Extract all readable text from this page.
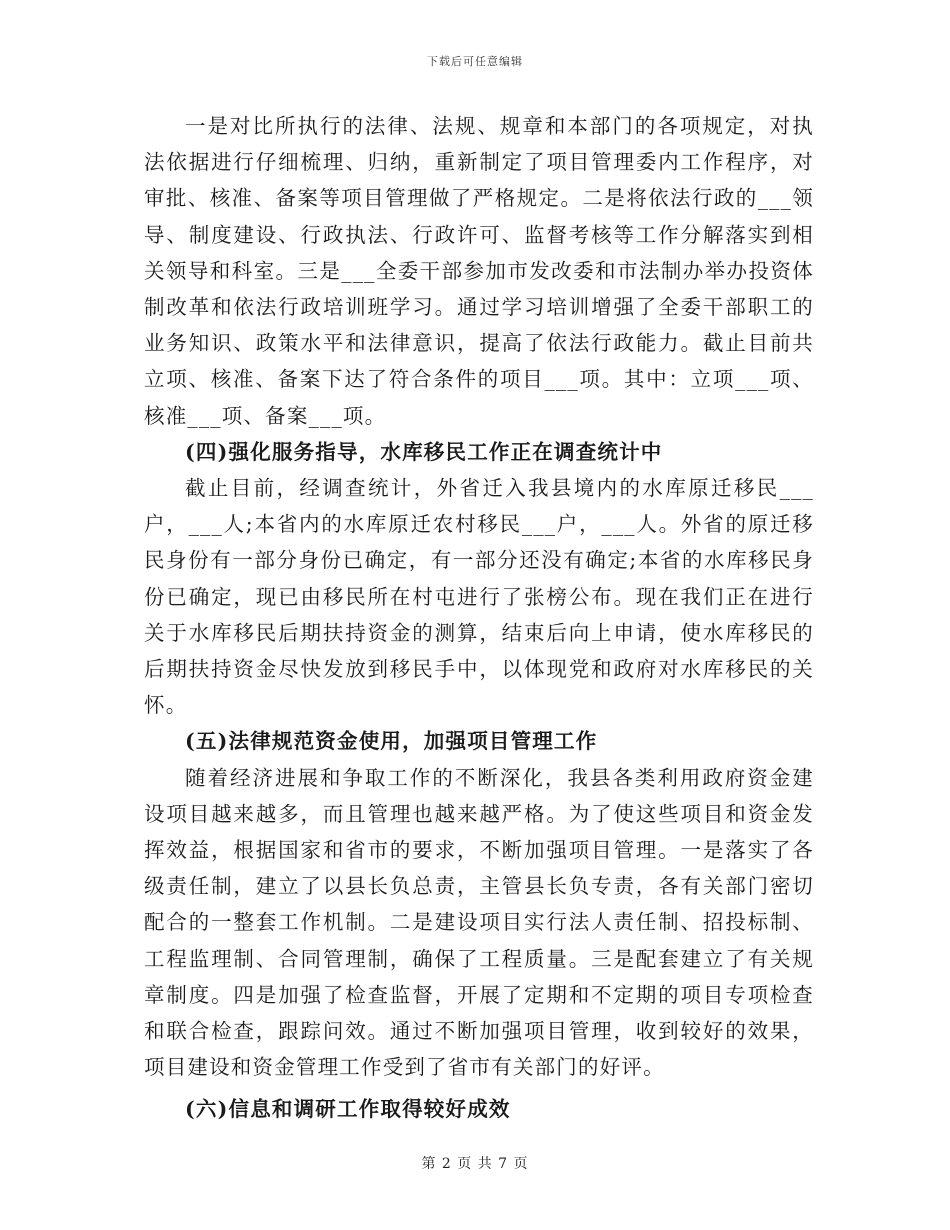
下载后可任意编辑

一是对比所执行的法律、法规、规章和本部门的各项规定，对执法依据进行仔细梳理、归纳，重新制定了项目管理委内工作程序，对审批、核准、备案等项目管理做了严格规定。二是将依法行政的___领导、制度建设、行政执法、行政许可、监督考核等工作分解落实到相关领导和科室。三是___全委干部参加市发改委和市法制办举办投资体制改革和依法行政培训班学习。通过学习培训增强了全委干部职工的业务知识、政策水平和法律意识，提高了依法行政能力。截止目前共立项、核准、备案下达了符合条件的项目___项。其中：立项___项、核准___项、备案___项。

(四)强化服务指导，水库移民工作正在调查统计中

截止目前，经调查统计，外省迁入我县境内的水库原迁移民___户，___人;本省内的水库原迁农村移民___户，___人。外省的原迁移民身份有一部分身份已确定，有一部分还没有确定;本省的水库移民身份已确定，现已由移民所在村屯进行了张榜公布。现在我们正在进行关于水库移民后期扶持资金的测算，结束后向上申请，使水库移民的后期扶持资金尽快发放到移民手中，以体现党和政府对水库移民的关怀。

(五)法律规范资金使用，加强项目管理工作

随着经济进展和争取工作的不断深化，我县各类利用政府资金建设项目越来越多，而且管理也越来越严格。为了使这些项目和资金发挥效益，根据国家和省市的要求，不断加强项目管理。一是落实了各级责任制，建立了以县长负总责，主管县长负专责，各有关部门密切配合的一整套工作机制。二是建设项目实行法人责任制、招投标制、工程监理制、合同管理制，确保了工程质量。三是配套建立了有关规章制度。四是加强了检查监督，开展了定期和不定期的项目专项检查和联合检查，跟踪问效。通过不断加强项目管理，收到较好的效果，项目建设和资金管理工作受到了省市有关部门的好评。

(六)信息和调研工作取得较好成效

第 2 页 共 7 页
